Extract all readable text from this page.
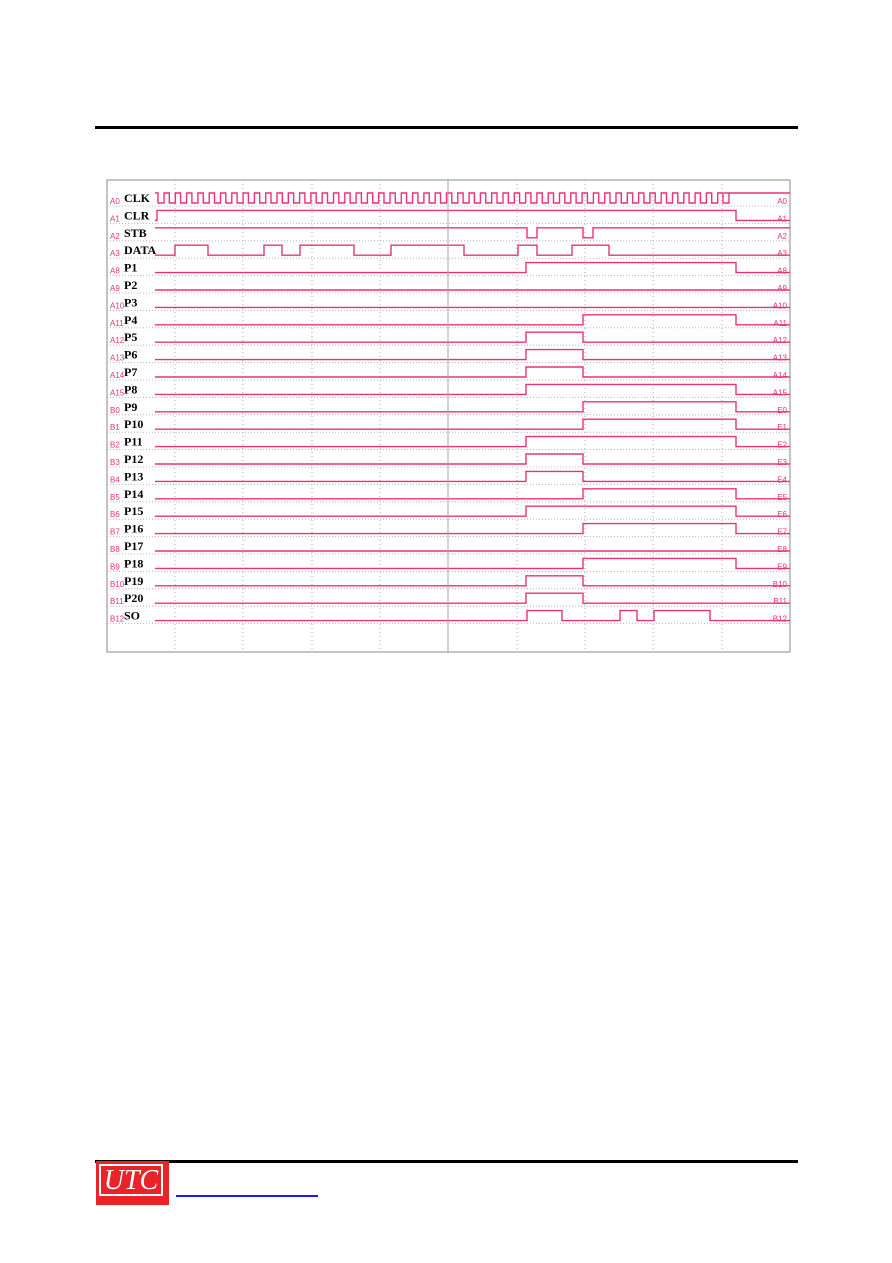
A0 CLK	A0
A1 CLR	A1
A2 STB	A2
A3 DATA	A3
A8 P1	A8
A9 P2	A9
A10 P3	A10
A11 P4	A11
A12 P5	A12
A13 P6	A13
A14 P7	A14
A15 P8	A15
B0 P9	E0
B1 P10	E1
B2 P11	E2
B3 P12	E3
B4 P13	E4
B5 P14	E5
B6 P15	E6
B7 P16	E7
B8 P17	E8
B9 P18	E9
B10 P19	B10
B11 P20	B11
B12 SO	B12
UTC
